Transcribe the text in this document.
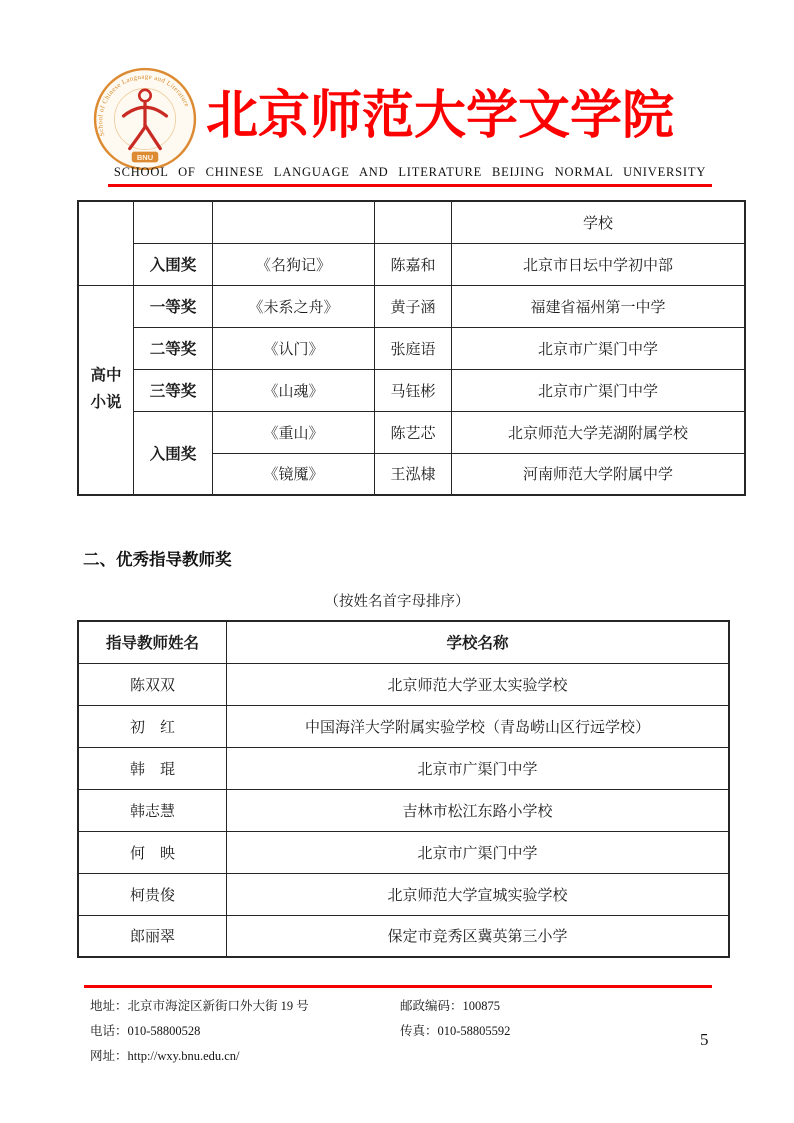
School of Chinese Language and Literature
BNU
北京师范大学文学院
SCHOOL OF CHINESE LANGUAGE AND LITERATURE BEIJING NORMAL UNIVERSITY
				学校
	入围奖	《名狗记》	陈嘉和	北京市日坛中学初中部
高中小说	一等奖	《未系之舟》	黄子涵	福建省福州第一中学
	二等奖	《认门》	张庭语	北京市广渠门中学
	三等奖	《山魂》	马钰彬	北京市广渠门中学
	入围奖	《重山》	陈艺芯	北京师范大学芜湖附属学校
		《镜魇》	王泓棣	河南师范大学附属中学
二、优秀指导教师奖
（按姓名首字母排序）
指导教师姓名	学校名称
陈双双	北京师范大学亚太实验学校
初　红	中国海洋大学附属实验学校（青岛崂山区行远学校）
韩　琨	北京市广渠门中学
韩志慧	吉林市松江东路小学校
何　映	北京市广渠门中学
柯贵俊	北京师范大学宣城实验学校
郎丽翠	保定市竞秀区冀英第三小学
地址：北京市海淀区新街口外大街 19 号	邮政编码：100875
电话：010-58800528	传真：010-58805592
网址：http://wxy.bnu.edu.cn/
5
